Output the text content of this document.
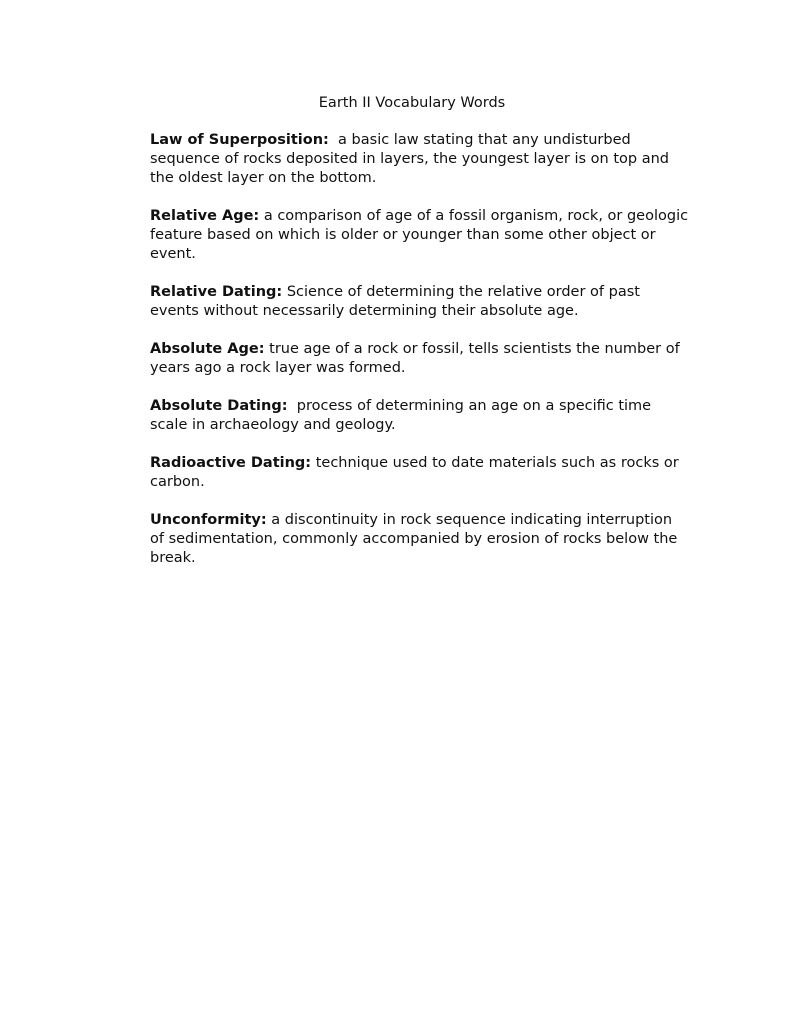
Earth II Vocabulary Words

Law of Superposition:  a basic law stating that any undisturbed sequence of rocks deposited in layers, the youngest layer is on top and the oldest layer on the bottom.

Relative Age: a comparison of age of a fossil organism, rock, or geologic feature based on which is older or younger than some other object or event.

Relative Dating: Science of determining the relative order of past events without necessarily determining their absolute age.

Absolute Age: true age of a rock or fossil, tells scientists the number of years ago a rock layer was formed.

Absolute Dating:  process of determining an age on a specific time scale in archaeology and geology.

Radioactive Dating: technique used to date materials such as rocks or carbon.

Unconformity: a discontinuity in rock sequence indicating interruption of sedimentation, commonly accompanied by erosion of rocks below the break.
